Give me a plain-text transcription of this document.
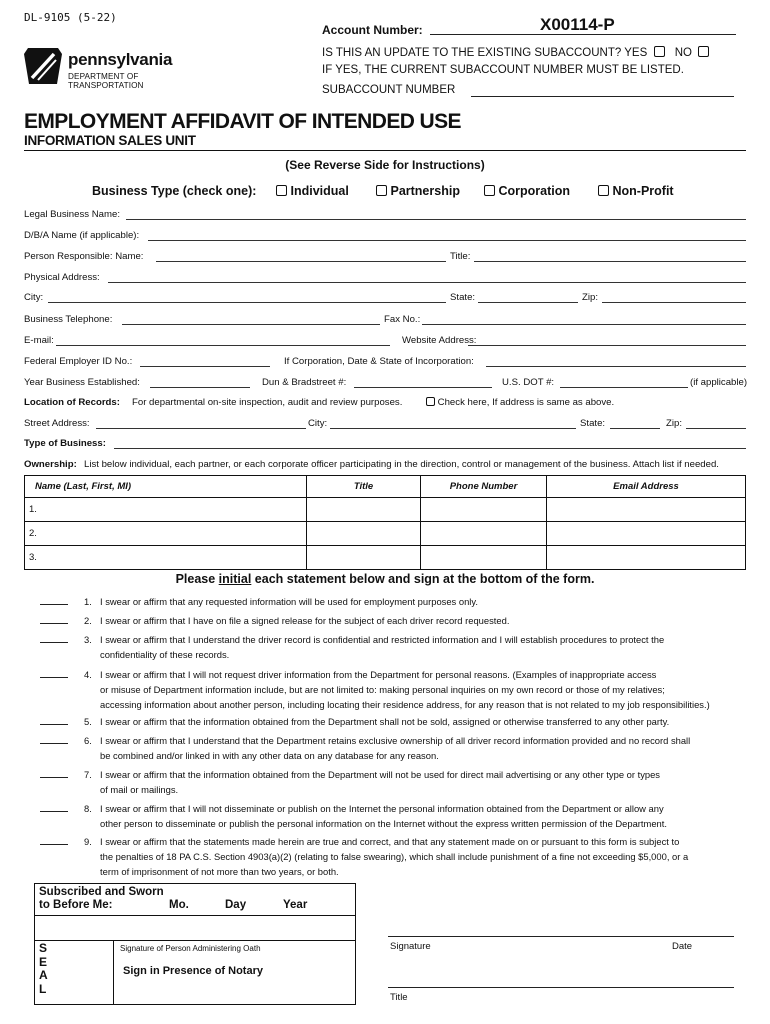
DL-9105 (5-22)
pennsylvania
DEPARTMENT OF TRANSPORTATION
Account Number:	X00114-P
IS THIS AN UPDATE TO THE EXISTING SUBACCOUNT? YES NO
IF YES, THE CURRENT SUBACCOUNT NUMBER MUST BE LISTED.
SUBACCOUNT NUMBER
EMPLOYMENT AFFIDAVIT OF INTENDED USE
INFORMATION SALES UNIT
(See Reverse Side for Instructions)
Business Type (check one):	Individual	Partnership	Corporation	Non-Profit
Legal Business Name:
D/B/A Name (if applicable):
Person Responsible: Name:	Title:
Physical Address:
City:	State:	Zip:
Business Telephone:	Fax No.:
E-mail:	Website Address:
Federal Employer ID No.:	If Corporation, Date & State of Incorporation:
Year Business Established:	Dun & Bradstreet #:	U.S. DOT #:	(if applicable)
Location of Records: For departmental on-site inspection, audit and review purposes.	Check here, If address is same as above.
Street Address:	City:	State:	Zip:
Type of Business:
Ownership: List below individual, each partner, or each corporate officer participating in the direction, control or management of the business. Attach list if needed.
Name (Last, First, MI)	Title	Phone Number	Email Address
1.			
2.			
3.			
Please initial each statement below and sign at the bottom of the form.
1. I swear or affirm that any requested information will be used for employment purposes only.
2. I swear or affirm that I have on file a signed release for the subject of each driver record requested.
3. I swear or affirm that I understand the driver record is confidential and restricted information and I will establish procedures to protect the
confidentiality of these records.
4. I swear or affirm that I will not request driver information from the Department for personal reasons. (Examples of inappropriate access
or misuse of Department information include, but are not limited to: making personal inquiries on my own record or those of my relatives;
accessing information about another person, including locating their residence address, for any reason that is not related to my job responsibilities.)
5. I swear or affirm that the information obtained from the Department shall not be sold, assigned or otherwise transferred to any other party.
6. I swear or affirm that I understand that the Department retains exclusive ownership of all driver record information provided and no record shall
be combined and/or linked in with any other data on any database for any reason.
7. I swear or affirm that the information obtained from the Department will not be used for direct mail advertising or any other type or types
of mail or mailings.
8. I swear or affirm that I will not disseminate or publish on the Internet the personal information obtained from the Department or allow any
other person to disseminate or publish the personal information on the Internet without the express written permission of the Department.
9. I swear or affirm that the statements made herein are true and correct, and that any statement made on or pursuant to this form is subject to
the penalties of 18 PA C.S. Section 4903(a)(2) (relating to false swearing), which shall include punishment of a fine not exceeding $5,000, or a
term of imprisonment of not more than two years, or both.
Subscribed and Sworn
to Before Me:	Mo.	Day	Year
S
E
A
L
Signature of Person Administering Oath
Sign in Presence of Notary
Signature	Date
Title
